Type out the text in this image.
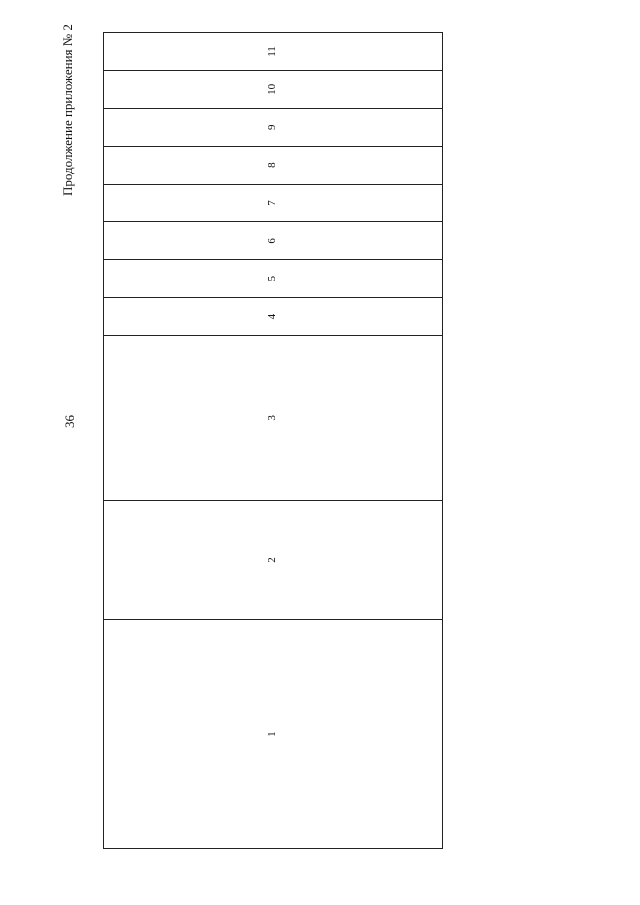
36
Продолжение приложения № 2
1	2	3	4	5	6	7	8	9	10	11
